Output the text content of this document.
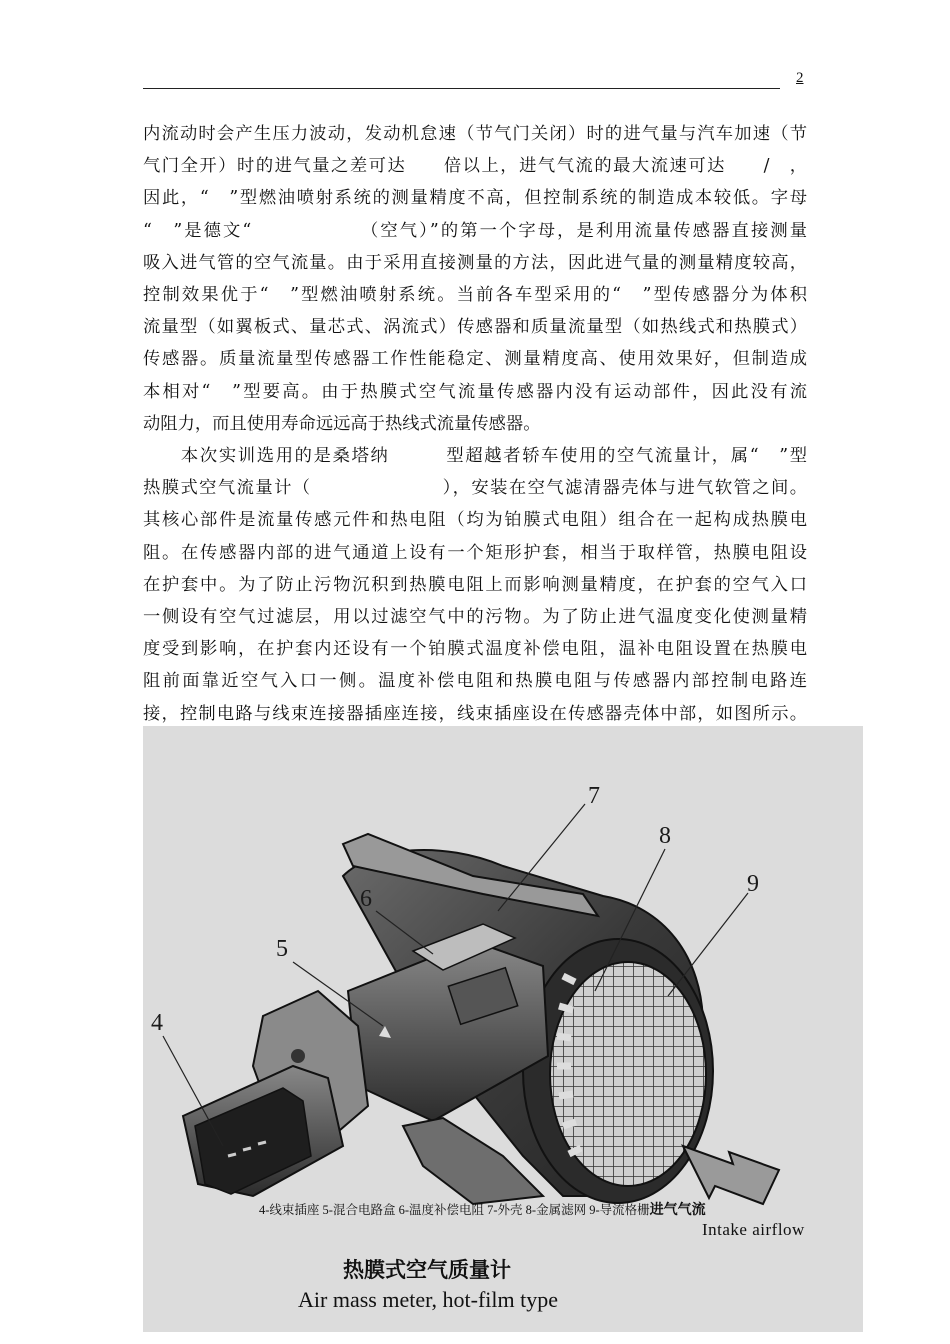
2
内流动时会产生压力波动，发动机怠速（节气门关闭）时的进气量与汽车加速（节
气门全开）时的进气量之差可达　　倍以上，进气气流的最大流速可达　　/　，
因此，“　”型燃油喷射系统的测量精度不高，但控制系统的制造成本较低。字母
“　”是德文“　　　　　　（空气）”的第一个字母，是利用流量传感器直接测量
吸入进气管的空气流量。由于采用直接测量的方法，因此进气量的测量精度较高，
控制效果优于“　”型燃油喷射系统。当前各车型采用的“　”型传感器分为体积
流量型（如翼板式、量芯式、涡流式）传感器和质量流量型（如热线式和热膜式）
传感器。质量流量型传感器工作性能稳定、测量精度高、使用效果好，但制造成
本相对“　”型要高。由于热膜式空气流量传感器内没有运动部件，因此没有流
动阻力，而且使用寿命远远高于热线式流量传感器。
　　本次实训选用的是桑塔纳　　　型超越者轿车使用的空气流量计，属“　”型
热膜式空气流量计（　　　　　　　），安装在空气滤清器壳体与进气软管之间。
其核心部件是流量传感元件和热电阻（均为铂膜式电阻）组合在一起构成热膜电
阻。在传感器内部的进气通道上设有一个矩形护套，相当于取样管，热膜电阻设
在护套中。为了防止污物沉积到热膜电阻上而影响测量精度，在护套的空气入口
一侧设有空气过滤层，用以过滤空气中的污物。为了防止进气温度变化使测量精
度受到影响，在护套内还设有一个铂膜式温度补偿电阻，温补电阻设置在热膜电
阻前面靠近空气入口一侧。温度补偿电阻和热膜电阻与传感器内部控制电路连
接，控制电路与线束连接器插座连接，线束插座设在传感器壳体中部，如图所示。
7
8
9
6
5
4
4-线束插座 5-混合电路盒 6-温度补偿电阻 7-外壳 8-金属滤网 9-导流格栅进气气流
Intake airflow
热膜式空气质量计
Air mass meter, hot-film type
